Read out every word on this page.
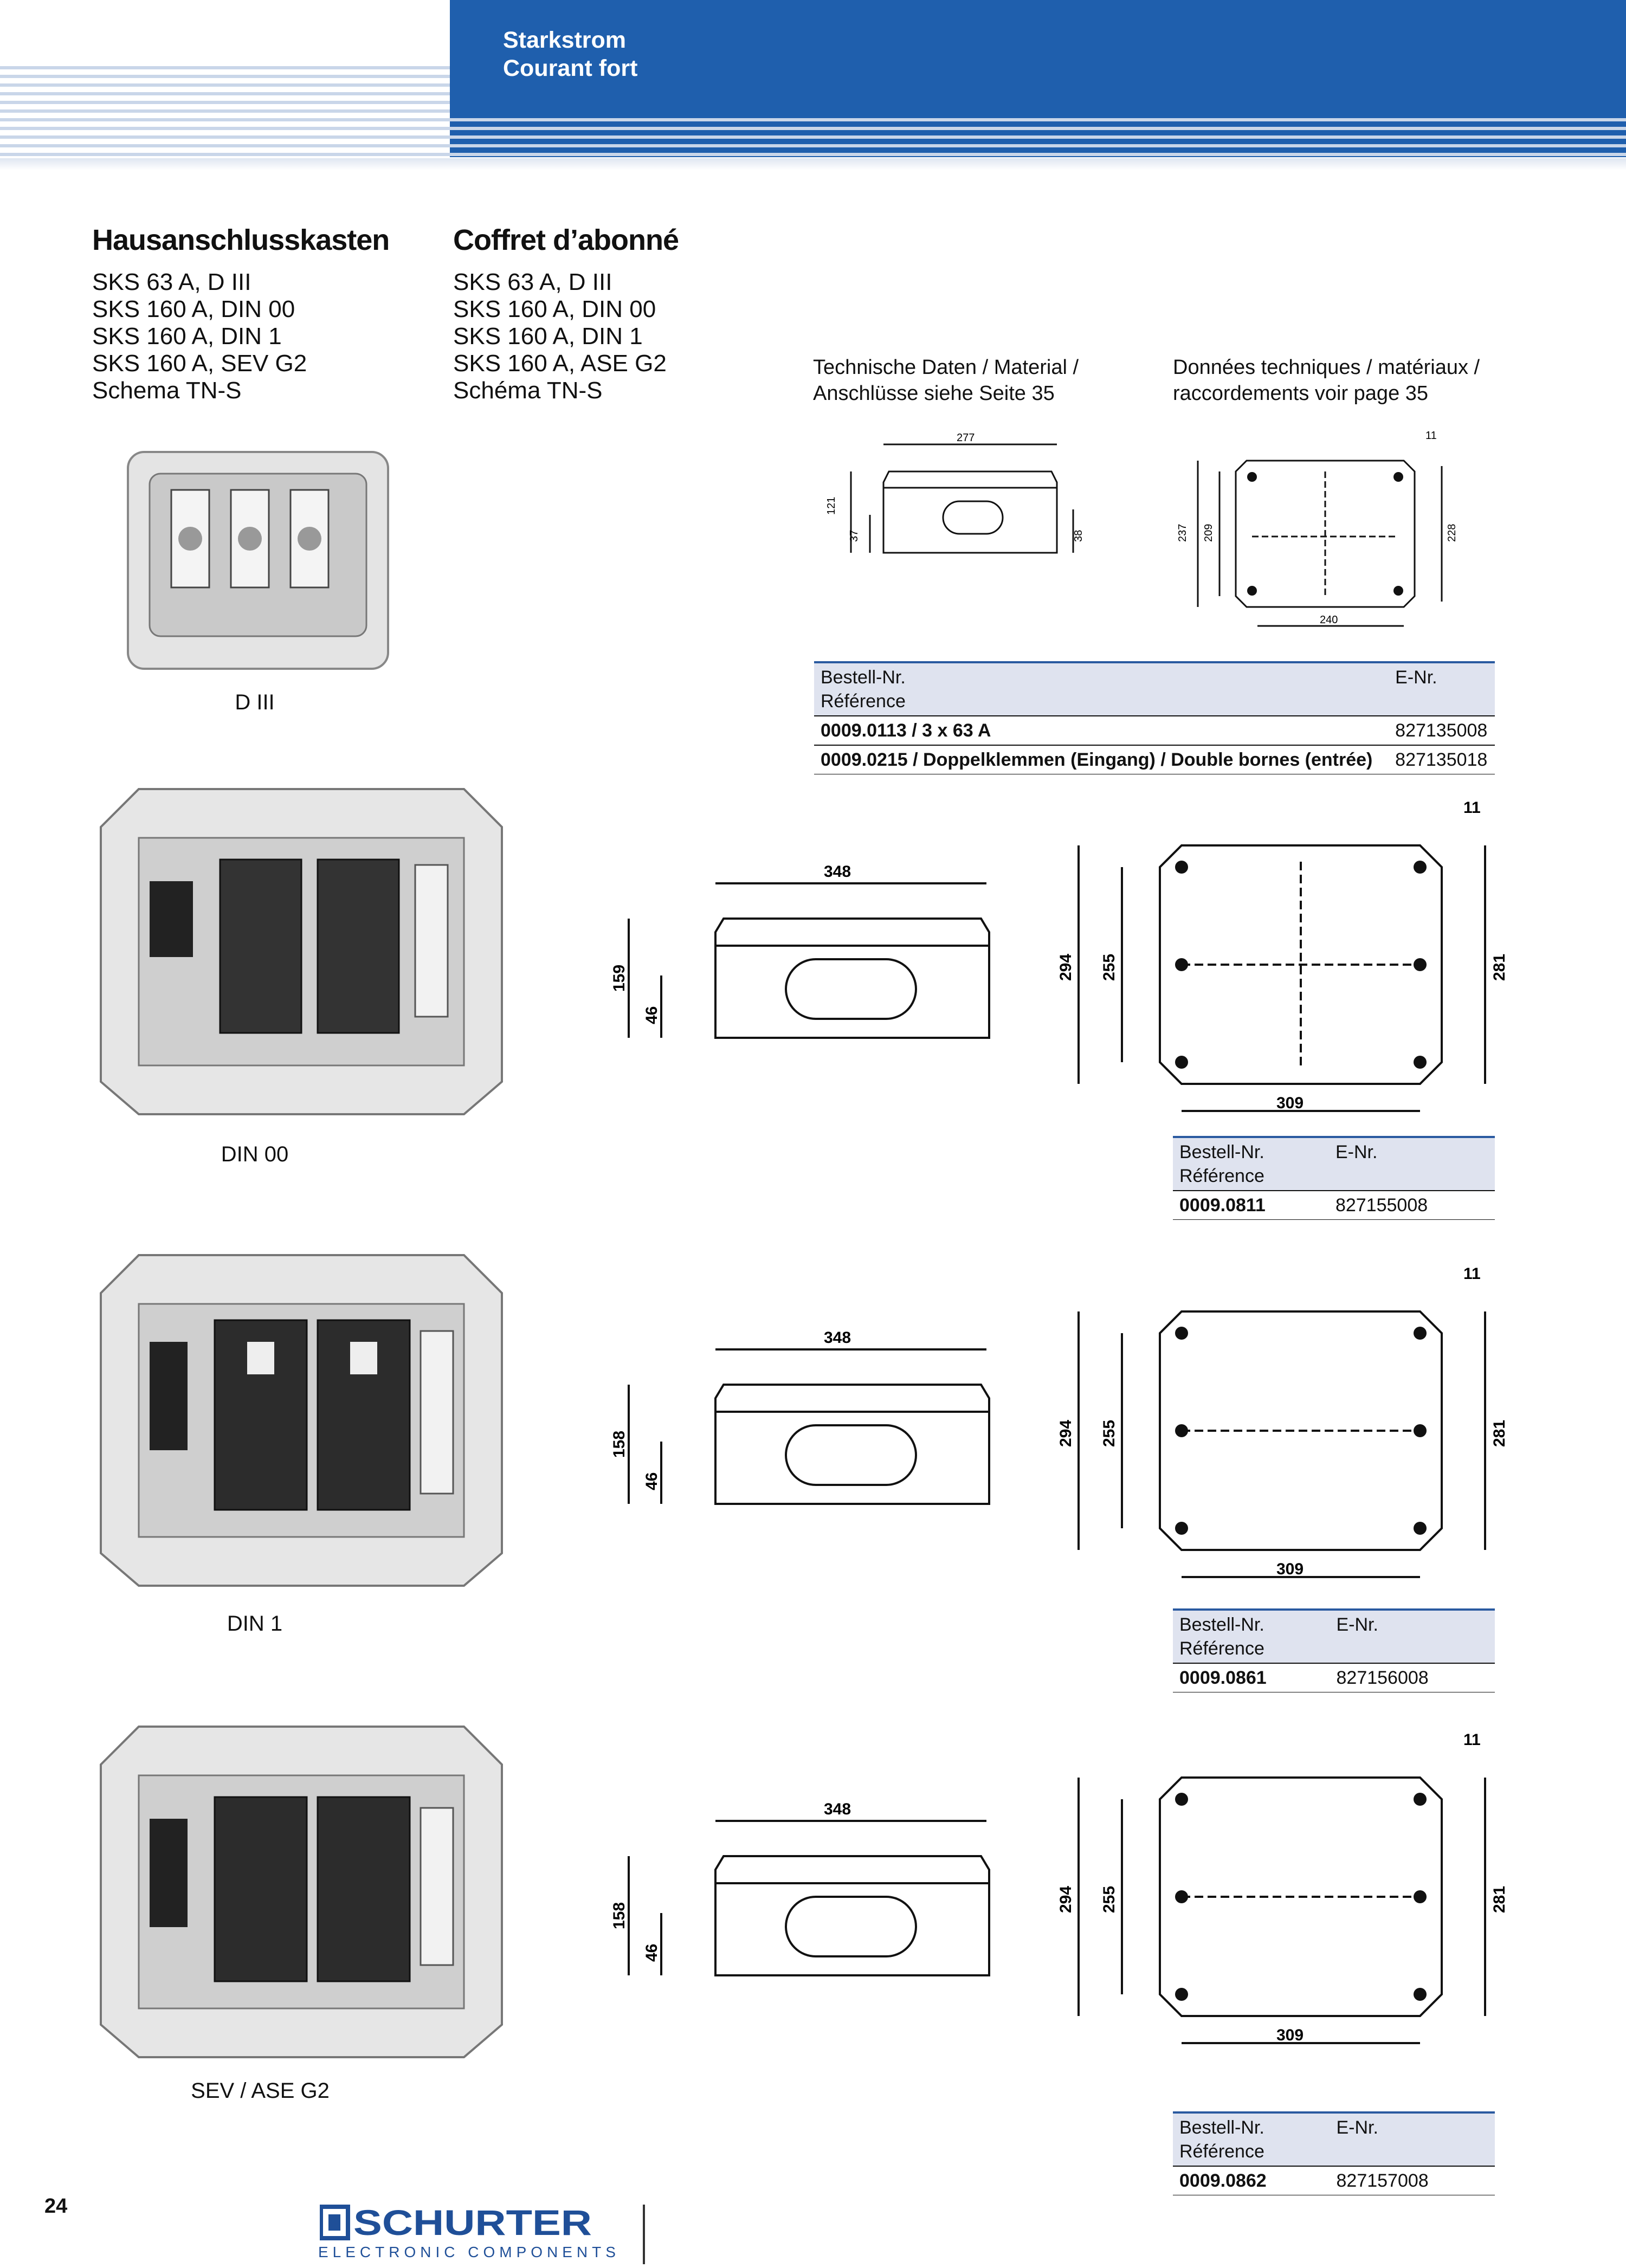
Starkstrom
Courant fort
Hausanschlusskasten Coffret d’abonné
SKS 63 A, D III
SKS 160 A, DIN 00
SKS 160 A, DIN 1
SKS 160 A, SEV G2
Schema TN-S
SKS 63 A, D III
SKS 160 A, DIN 00
SKS 160 A, DIN 1
SKS 160 A, ASE G2
Schéma TN-S
Technische Daten / Material /
Anschlüsse siehe Seite 35
Données techniques / matériaux /
raccordements voir page 35
D III
DIN 00
DIN 1
SEV / ASE G2
277
121
37	38	237 209	228
240
11
Bestell-Nr.
Référence	E-Nr.
0009.0113 / 3 x 63 A	827135008
0009.0215 / Doppelklemmen (Eingang) / Double bornes (entrée)	827135018
348
159
46
294 255	281
309
11
Bestell-Nr.
Référence	E-Nr.
0009.0811	827155008
348
158
46
294 255	281
309
11
Bestell-Nr.
Référence	E-Nr.
0009.0861	827156008
348
158
46
294 255	281
309
11
Bestell-Nr.
Référence	E-Nr.
0009.0862	827157008
24	SCHURTER
ELECTRONIC COMPONENTS
